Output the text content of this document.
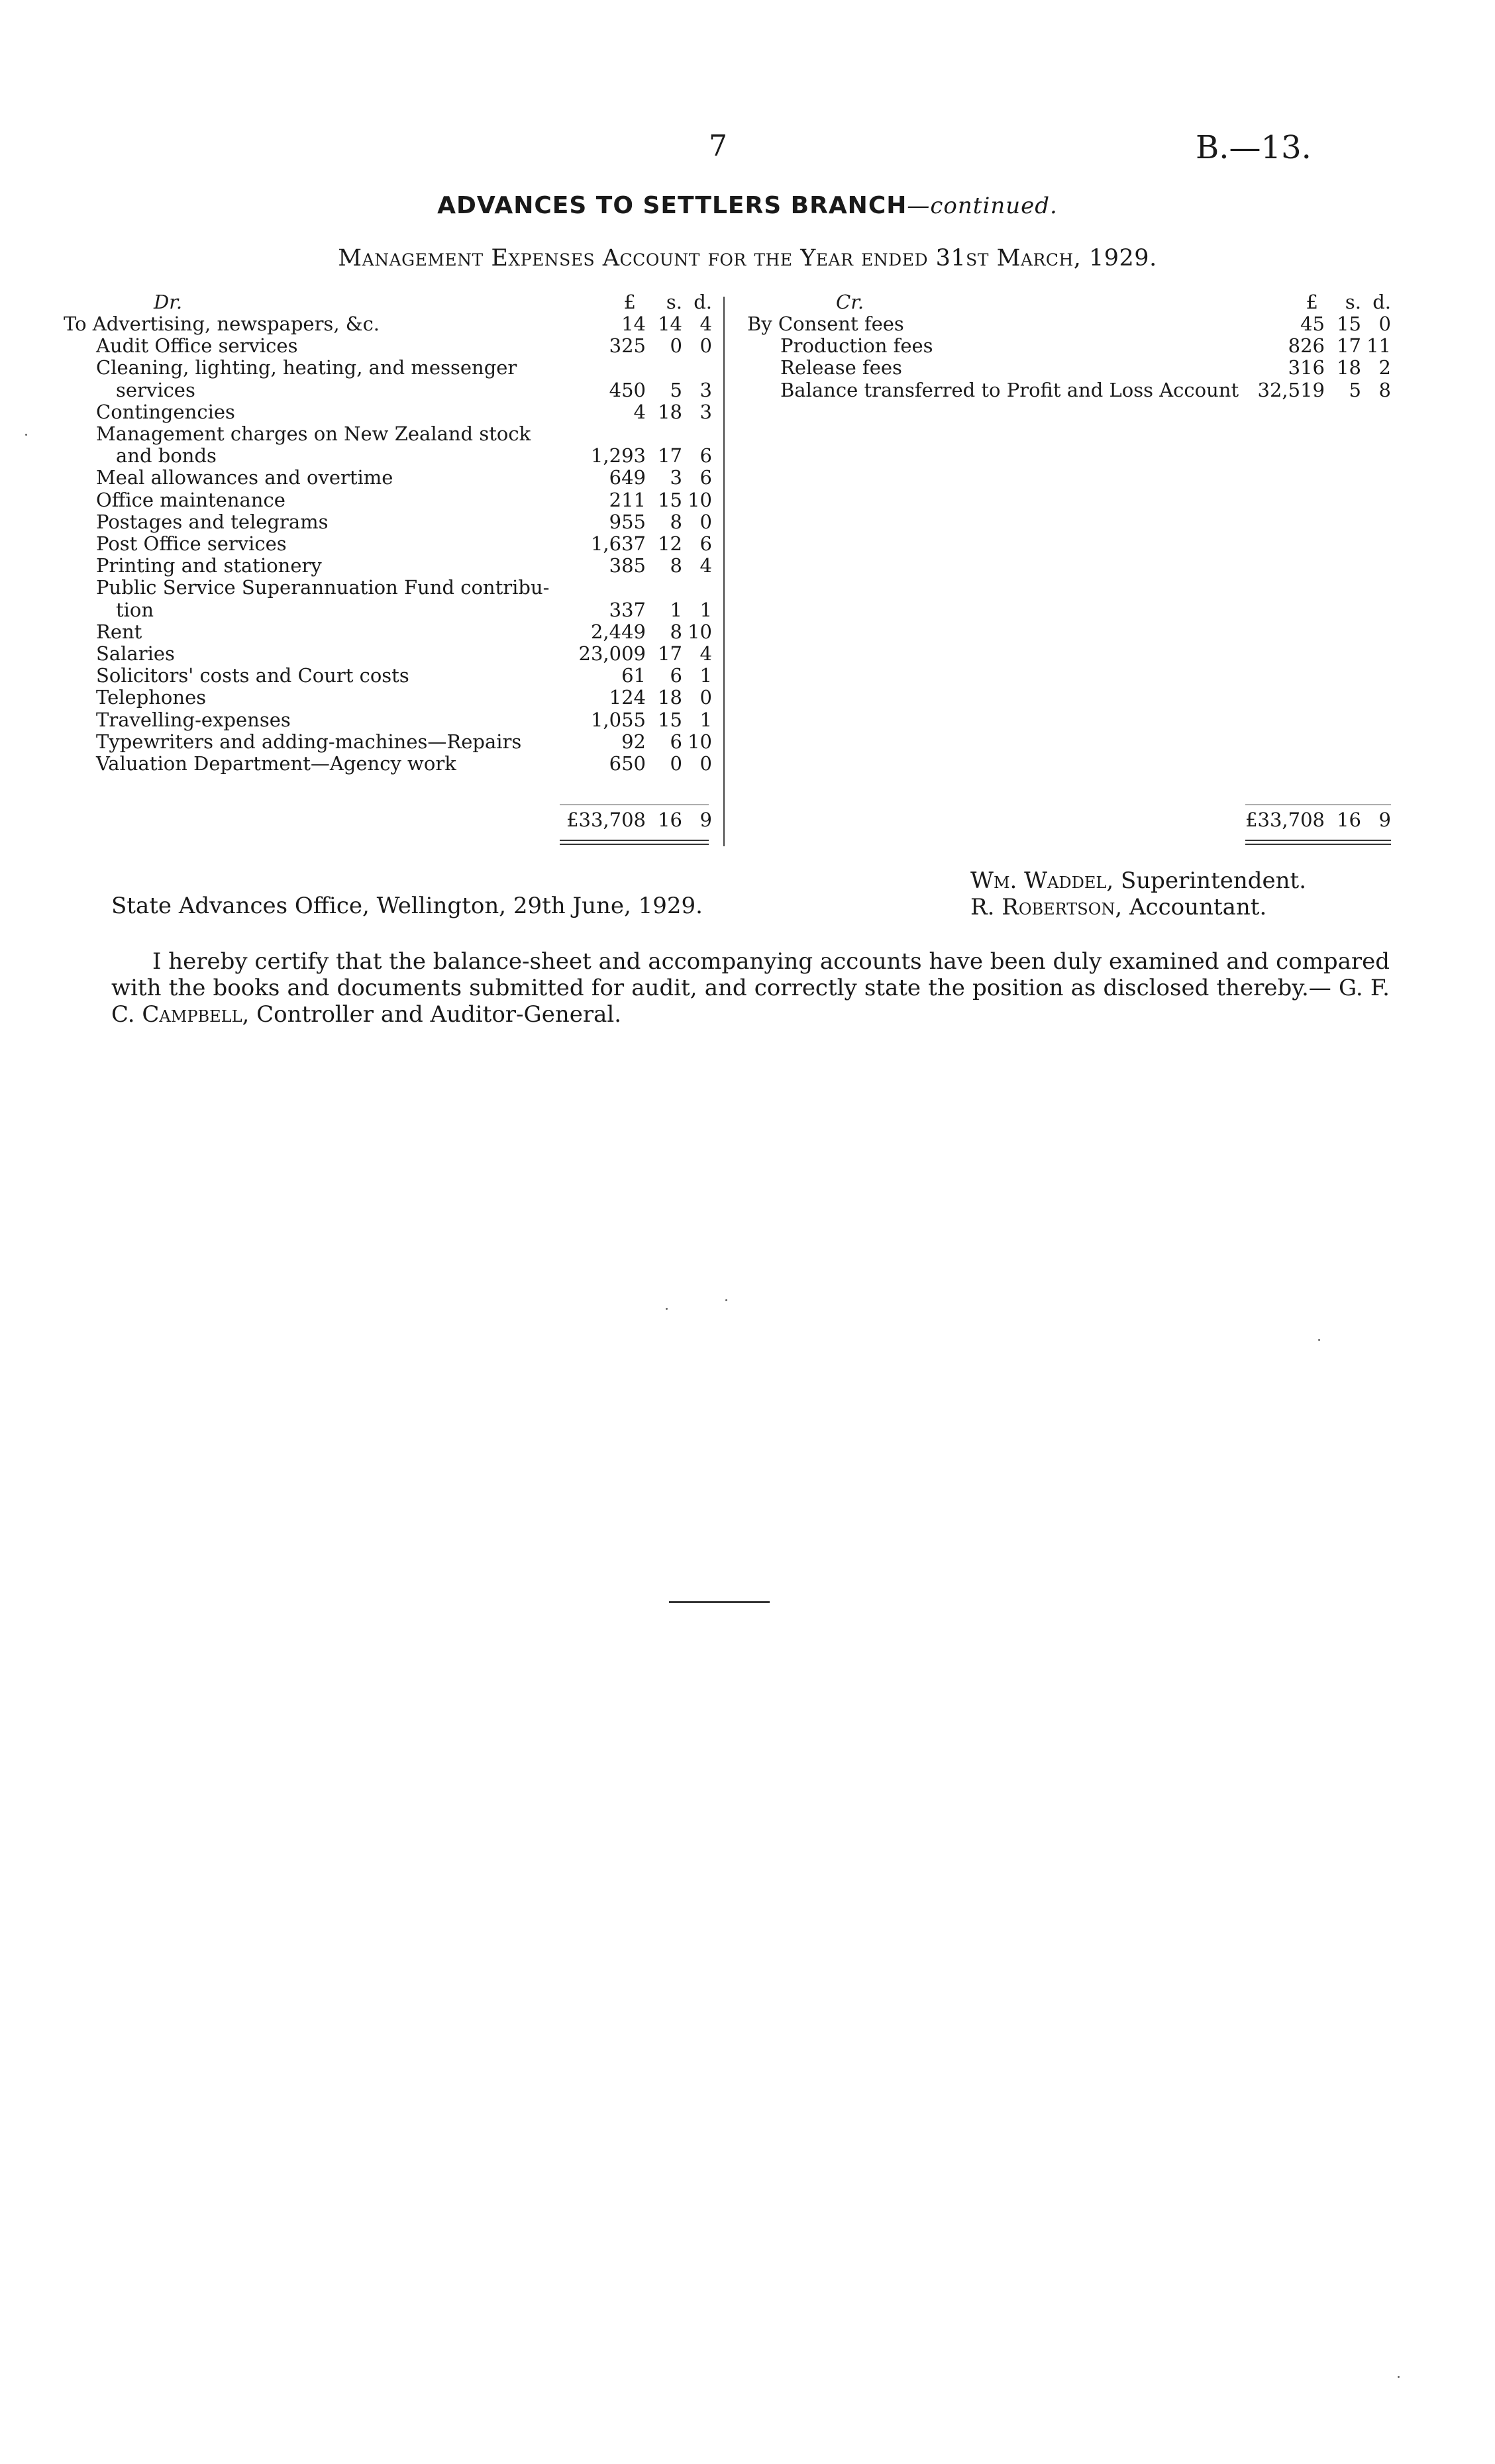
7	B.—13.
ADVANCES TO SETTLERS BRANCH—continued.
Management Expenses Account for the Year ended 31st March, 1929.
Dr.	£	s. d.
To Advertising, newspapers, &c.	14 14 4
Audit Office services	325	0 0
Cleaning, lighting, heating, and messenger
services	450	5 3
Contingencies	4 18 3
Management charges on New Zealand stock
and bonds	1,293 17 6
Meal allowances and overtime	649	3 6
Office maintenance	211 15 10
Postages and telegrams	955	8 0
Post Office services	1,637 12 6
Printing and stationery	385	8 4
Public Service Superannuation Fund contribu-
tion	337	1 1
Rent	2,449	8 10
Salaries	23,009 17 4
Solicitors' costs and Court costs	61	6 1
Telephones	124 18 0
Travelling-expenses	1,055 15 1
Typewriters and adding-machines—Repairs	92	6 10
Valuation Department—Agency work	650	0 0
£33,708 16 9
Cr.	£	s. d.
By Consent fees	45 15 0
Production fees	826 17 11
Release fees	316 18 2
Balance transferred to Profit and Loss Account 32,519	5 8
£33,708 16 9
State Advances Office, Wellington, 29th June, 1929.
Wm. Waddel, Superintendent.
R. Robertson, Accountant.
I hereby certify that the balance-sheet and accompanying accounts have been duly examined and compared with the books and documents submitted for audit, and correctly state the position as disclosed thereby.— G. F. C. Campbell, Controller and Auditor-General.
